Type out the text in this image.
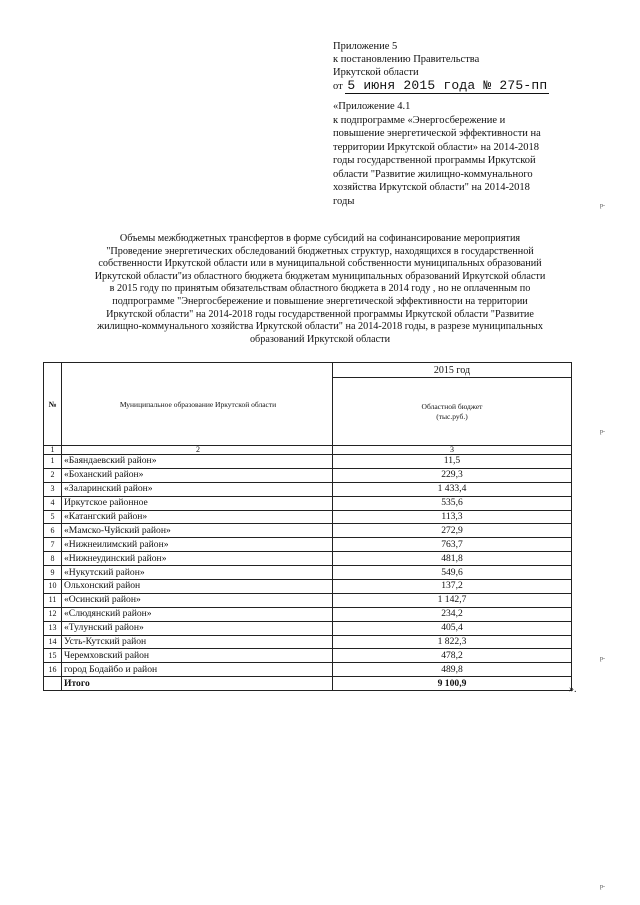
Приложение 5
к постановлению Правительства
Иркутской области
от 5 июня 2015 года № 275-пп
«Приложение 4.1
к подпрограмме «Энергосбережение и
повышение энергетической эффективности на
территории Иркутской области» на 2014-2018
годы государственной программы Иркутской
области "Развитие жилищно-коммунального
хозяйства Иркутской области" на 2014-2018
годы
Объемы межбюджетных трансфертов в форме субсидий на софинансирование мероприятия
"Проведение энергетических обследований бюджетных структур, находящихся в государственной
собственности Иркутской области или в муниципальной собственности муниципальных образований
Иркутской области"из областного бюджета бюджетам муниципальных образований Иркутской области
в 2015 году по принятым обязательствам областного бюджета в 2014 году , но не оплаченным по
подпрограмме "Энергосбережение и повышение энергетической эффективности на территории
Иркутской области" на 2014-2018 годы государственной программы Иркутской области "Развитие
жилищно-коммунального хозяйства Иркутской области" на 2014-2018 годы, в разрезе муниципальных
образований Иркутской области
№	Муниципальное образование Иркутской области	2015 год

		Областной бюджет
(тыс.руб.)

1	2	3
1	«Баяндаевский район»	11,5
2	«Боханский район»	229,3
3	«Заларинский район»	1 433,4
4	Иркутское районное	535,6
5	«Катангский район»	113,3
6	«Мамско-Чуйский район»	272,9
7	«Нижнеилимский район»	763,7
8	«Нижнеудинский район»	481,8
9	«Нукутский район»	549,6
10	Ольхонский район	137,2
11	«Осинский район»	1 142,7
12	«Слюдянский район»	234,2
13	«Тулунский район»	405,4
14	Усть-Кутский район	1 822,3
15	Черемховский район	478,2
16	город Бодайбо и район	489,8
	Итого	9 100,9
».
р-
р-
р-
р-
